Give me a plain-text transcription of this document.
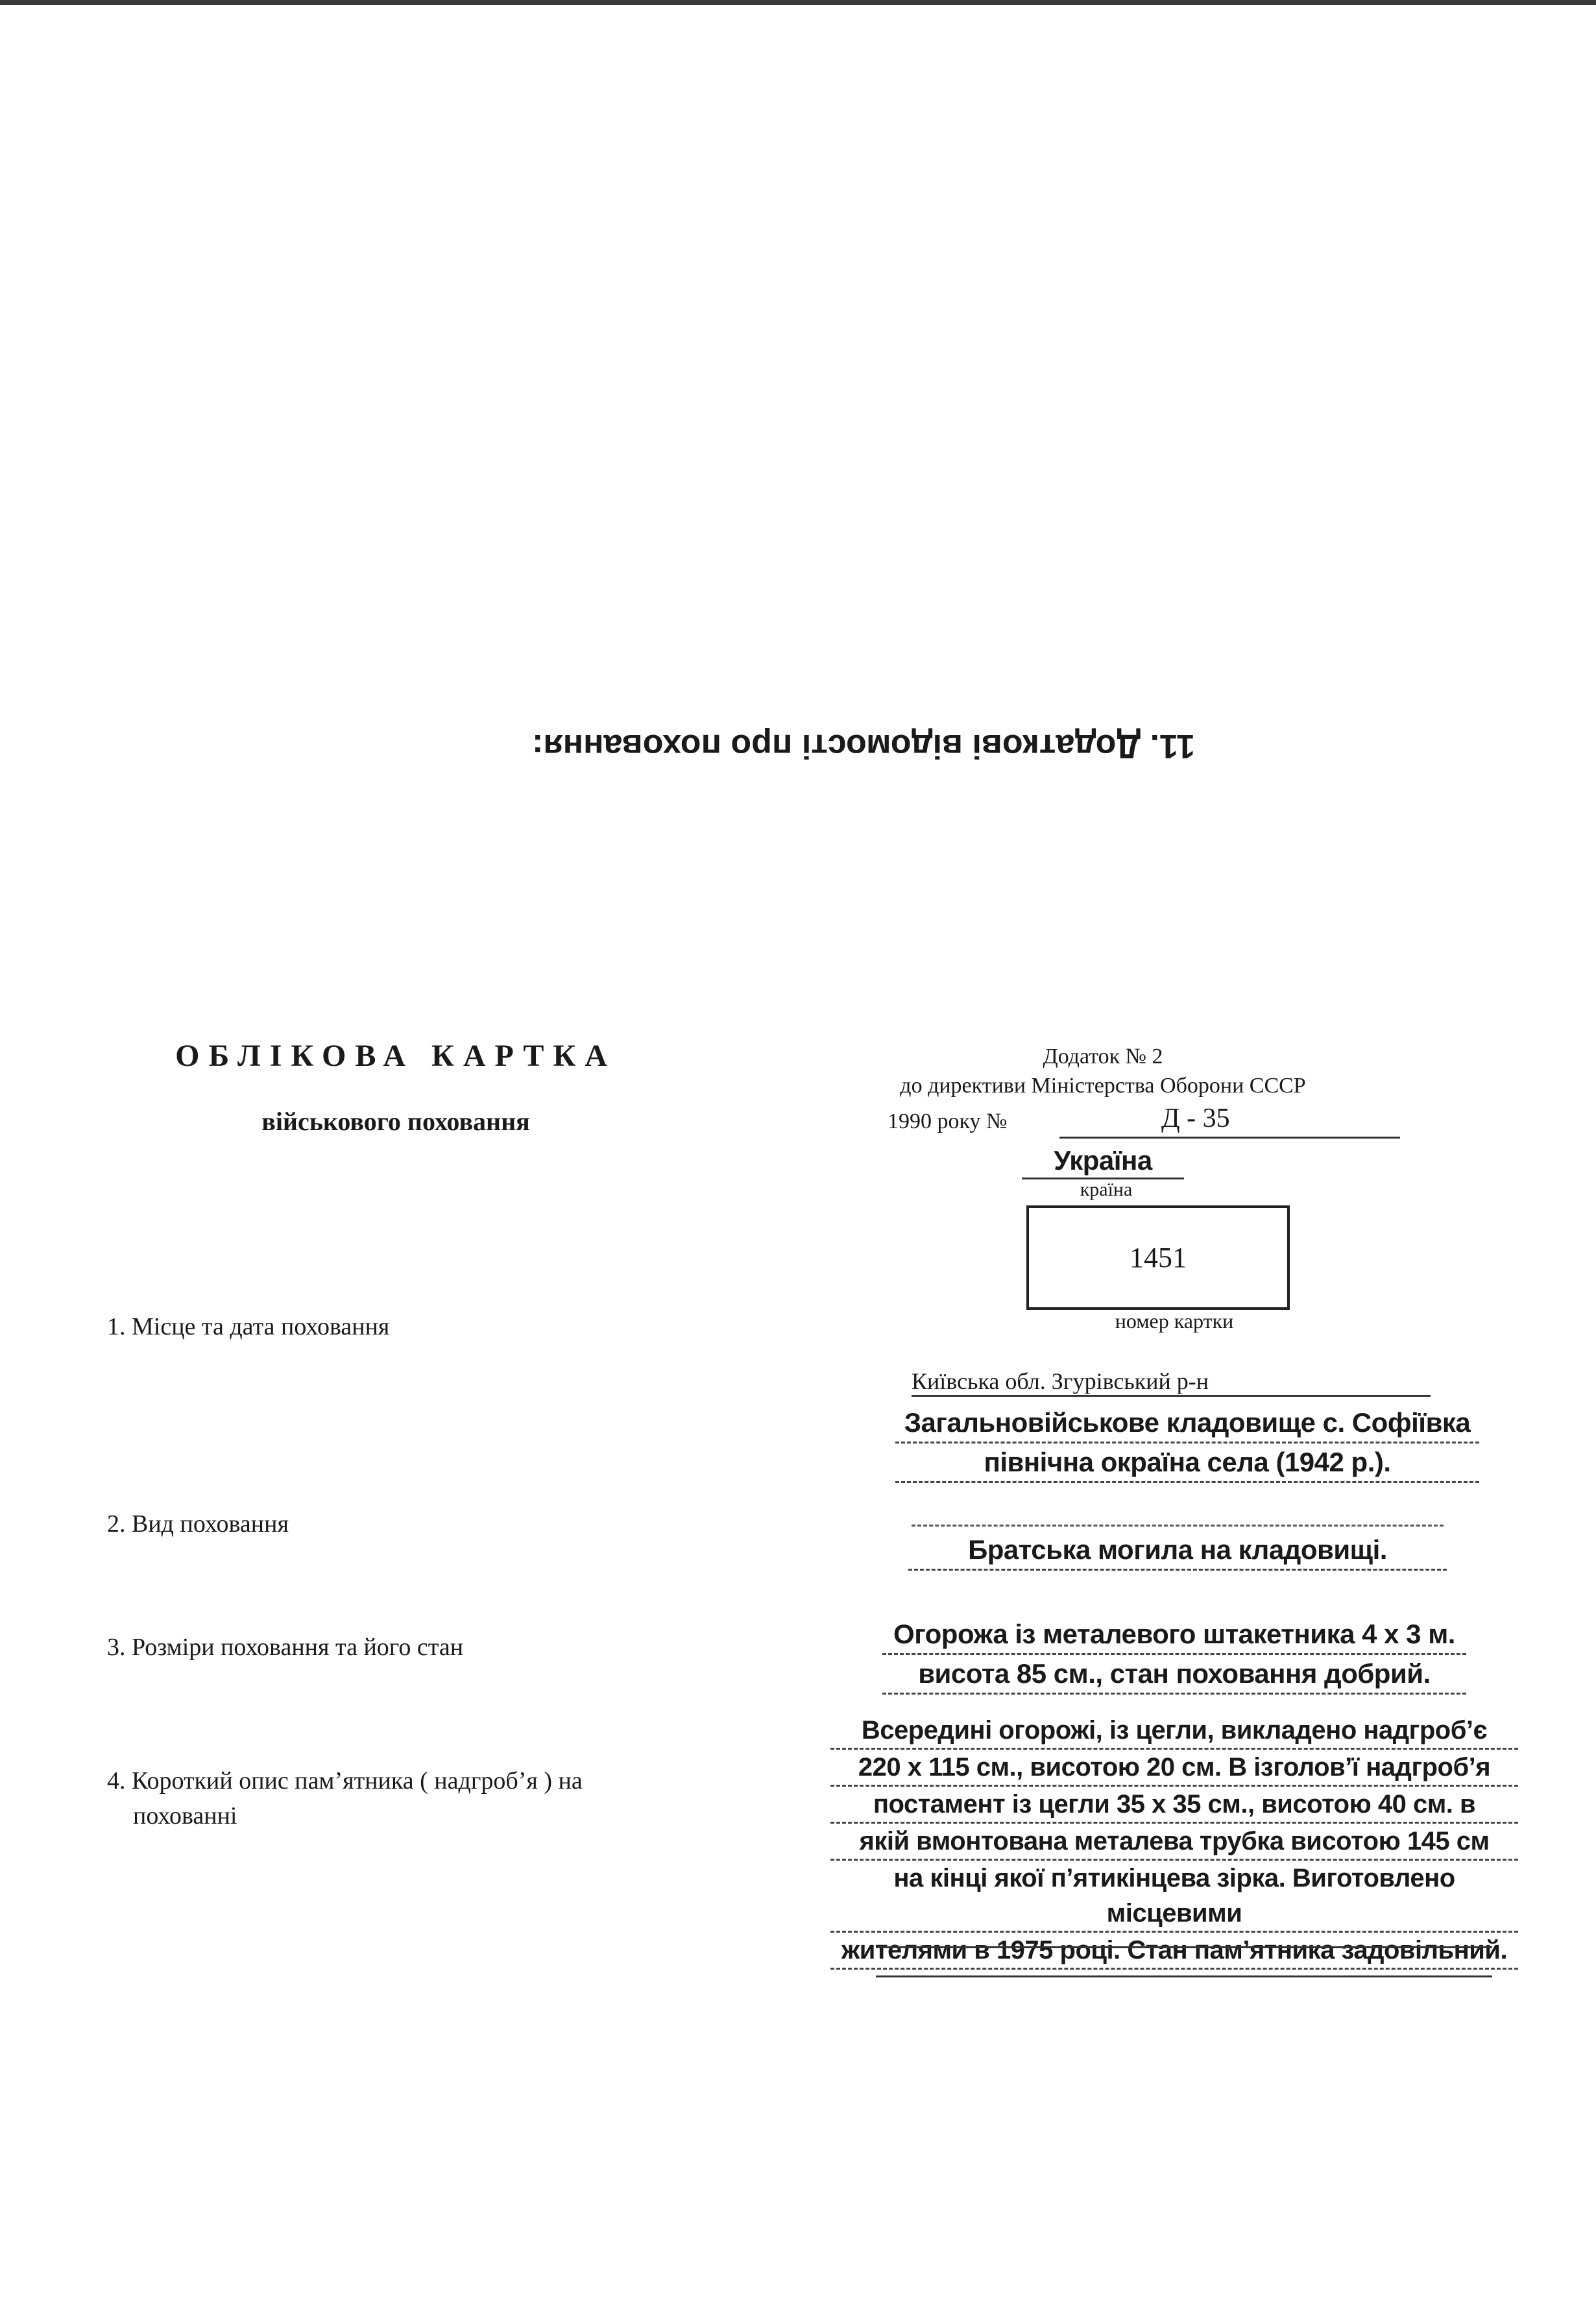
11. Додаткові відомості про поховання:
ОБЛІКОВА КАРТКА
військового поховання
Додаток № 2
до директиви Міністерства Оборони СССР
1990 року №	Д - 35
Україна
країна
1451
номер картки
1. Місце та дата поховання
Київська обл. Згурівський р-н
Загальновійськове кладовище с. Софіївка
північна окраїна села (1942 р.).
2. Вид поховання
Братська могила на кладовищі.
3. Розміри поховання та його стан	Огорожа із металевого штакетника 4 х 3 м.
висота 85 см., стан поховання добрий.
4. Короткий опис пам’ятника ( надгроб’я ) на
похованні
Всередині огорожі, із цегли, викладено надгроб’є
220 х 115 см., висотою 20 см. В ізголов’ї надгроб’я
постамент із цегли 35 х 35 см., висотою 40 см. в
якій вмонтована металева трубка висотою 145 см
на кінці якої п’ятикінцева зірка. Виготовлено місцевими
жителями в 1975 році. Стан пам’ятника задовільний.
